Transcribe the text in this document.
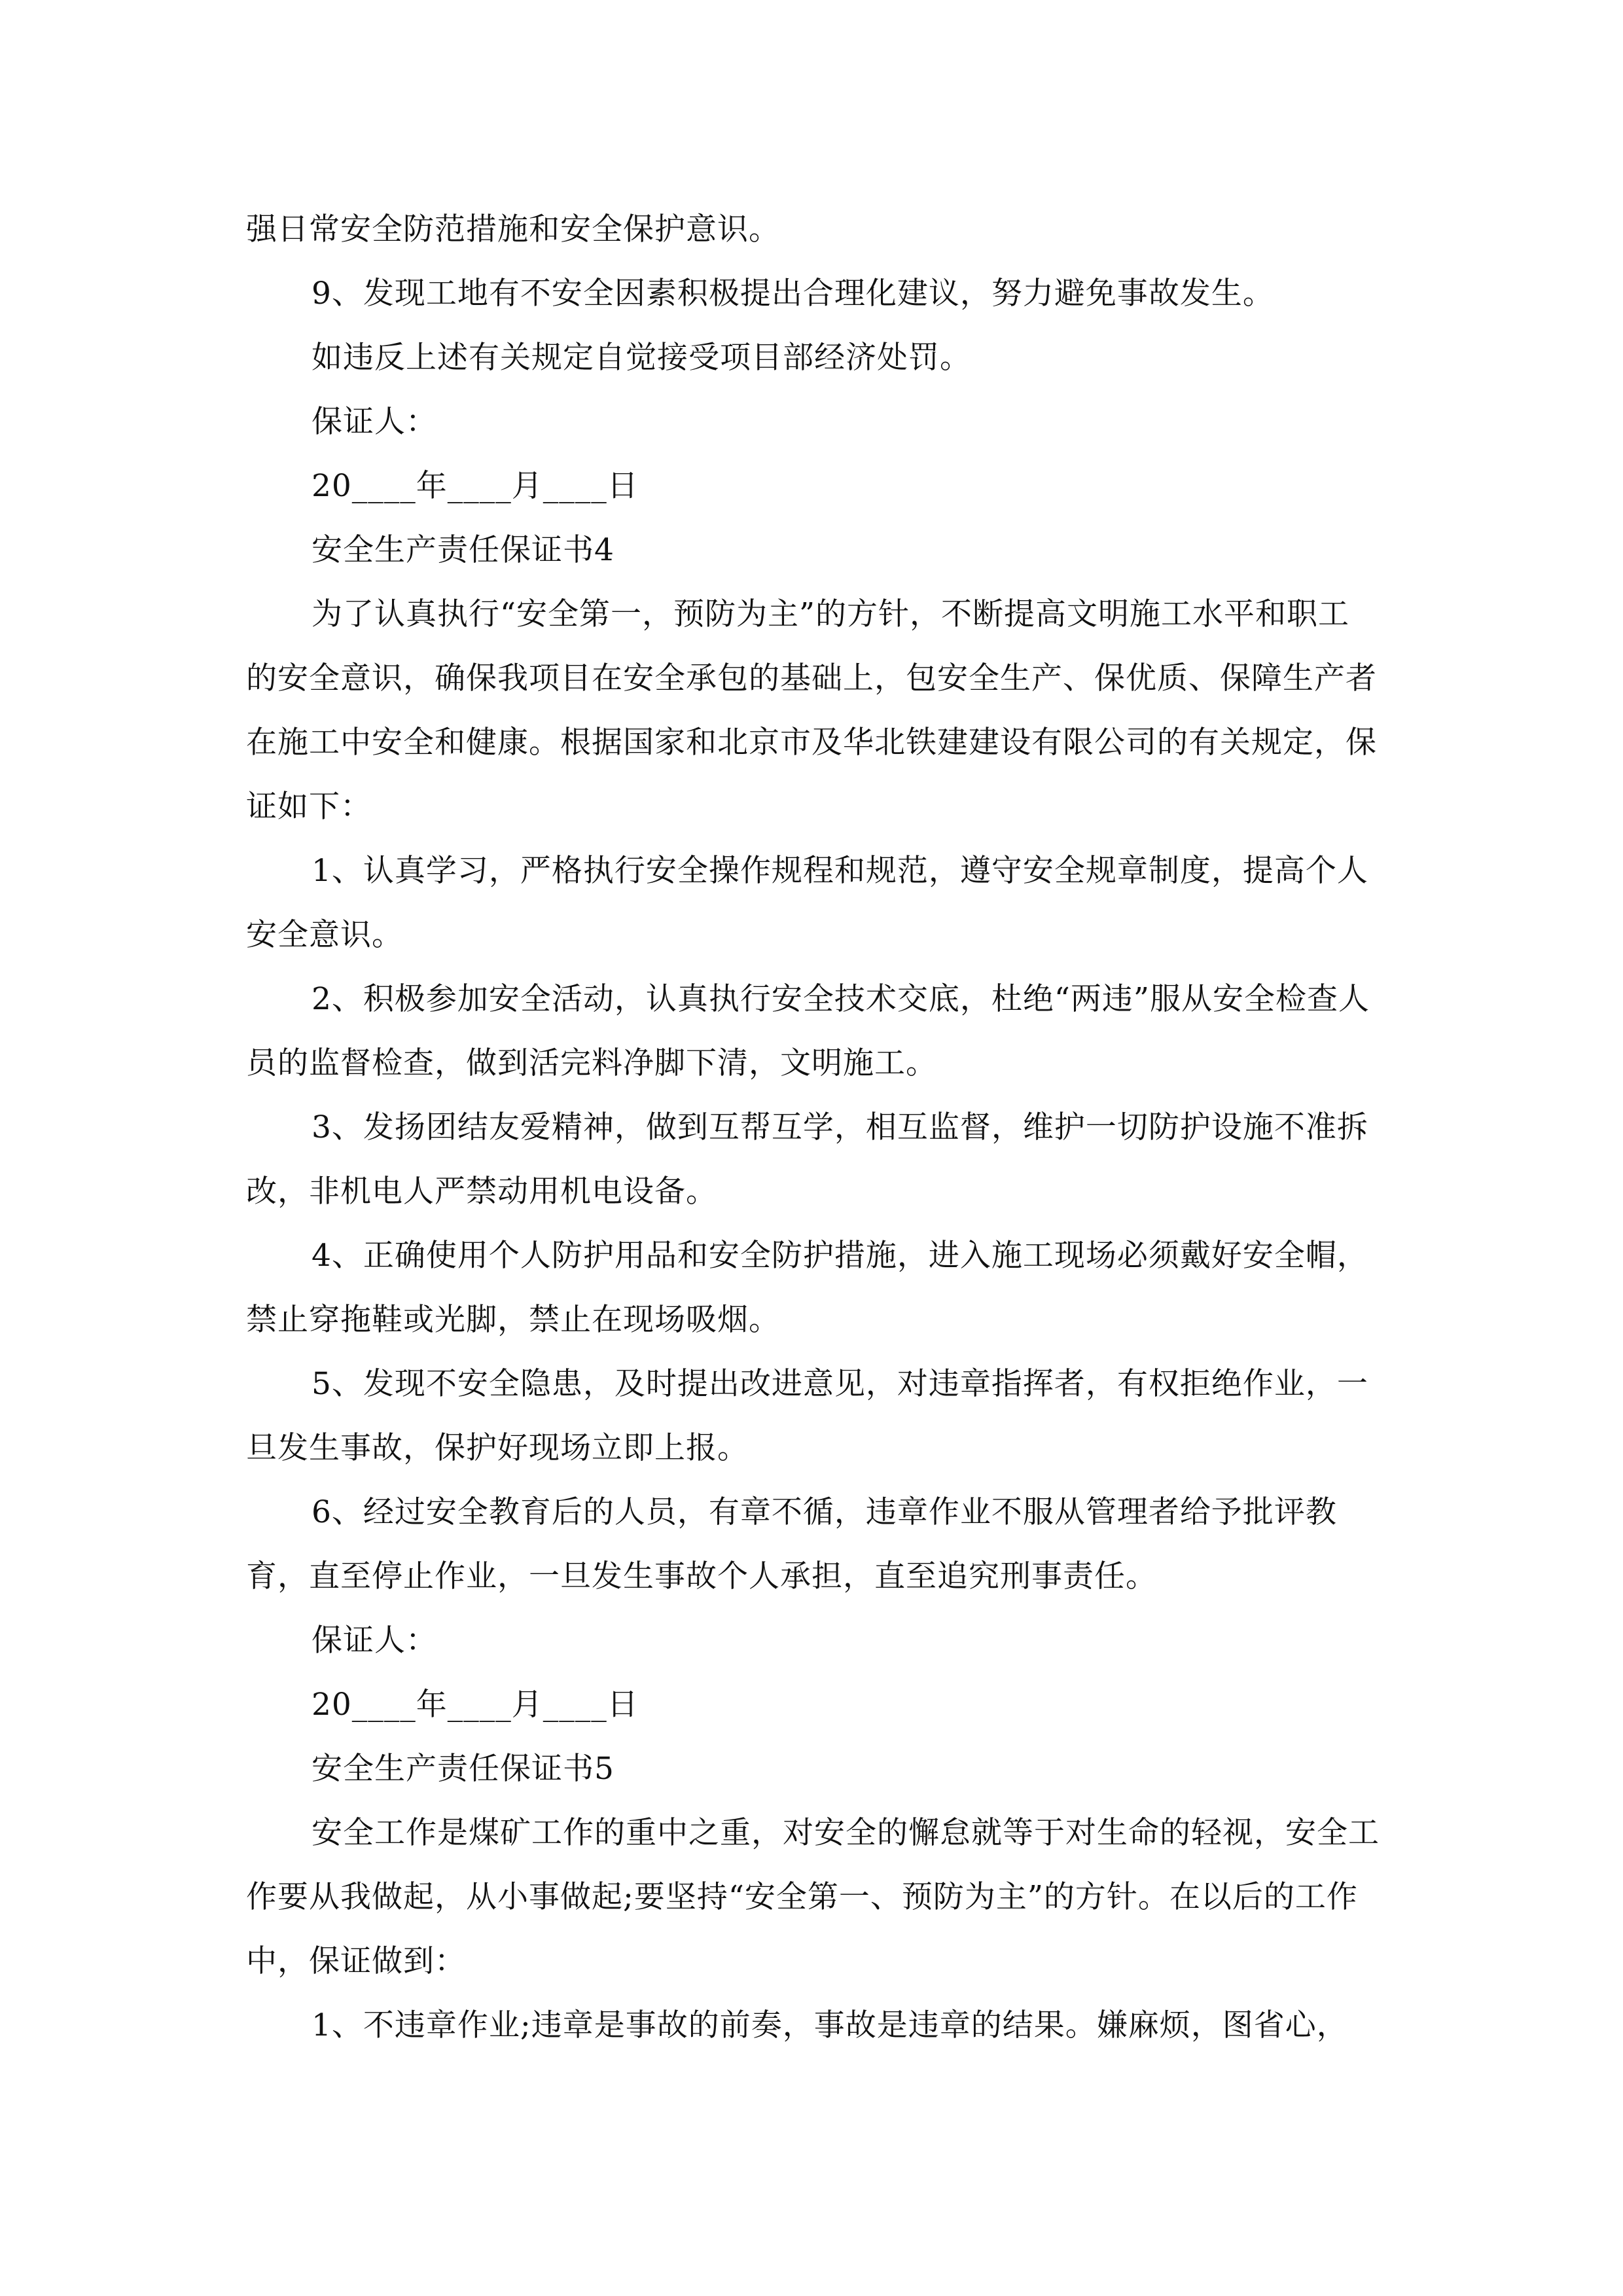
强日常安全防范措施和安全保护意识。

9、发现工地有不安全因素积极提出合理化建议，努力避免事故发生。

如违反上述有关规定自觉接受项目部经济处罚。

保证人：

20____年____月____日

安全生产责任保证书4

为了认真执行“安全第一，预防为主”的方针，不断提高文明施工水平和职工的安全意识，确保我项目在安全承包的基础上，包安全生产、保优质、保障生产者在施工中安全和健康。根据国家和北京市及华北铁建建设有限公司的有关规定，保证如下：

1、认真学习，严格执行安全操作规程和规范，遵守安全规章制度，提高个人安全意识。

2、积极参加安全活动，认真执行安全技术交底，杜绝“两违”服从安全检查人员的监督检查，做到活完料净脚下清，文明施工。

3、发扬团结友爱精神，做到互帮互学，相互监督，维护一切防护设施不准拆改，非机电人严禁动用机电设备。

4、正确使用个人防护用品和安全防护措施，进入施工现场必须戴好安全帽，禁止穿拖鞋或光脚，禁止在现场吸烟。

5、发现不安全隐患，及时提出改进意见，对违章指挥者，有权拒绝作业，一旦发生事故，保护好现场立即上报。

6、经过安全教育后的人员，有章不循，违章作业不服从管理者给予批评教育，直至停止作业，一旦发生事故个人承担，直至追究刑事责任。

保证人：

20____年____月____日

安全生产责任保证书5

安全工作是煤矿工作的重中之重，对安全的懈怠就等于对生命的轻视，安全工作要从我做起，从小事做起;要坚持“安全第一、预防为主”的方针。在以后的工作中，保证做到：

1、不违章作业;违章是事故的前奏，事故是违章的结果。嫌麻烦，图省心，
